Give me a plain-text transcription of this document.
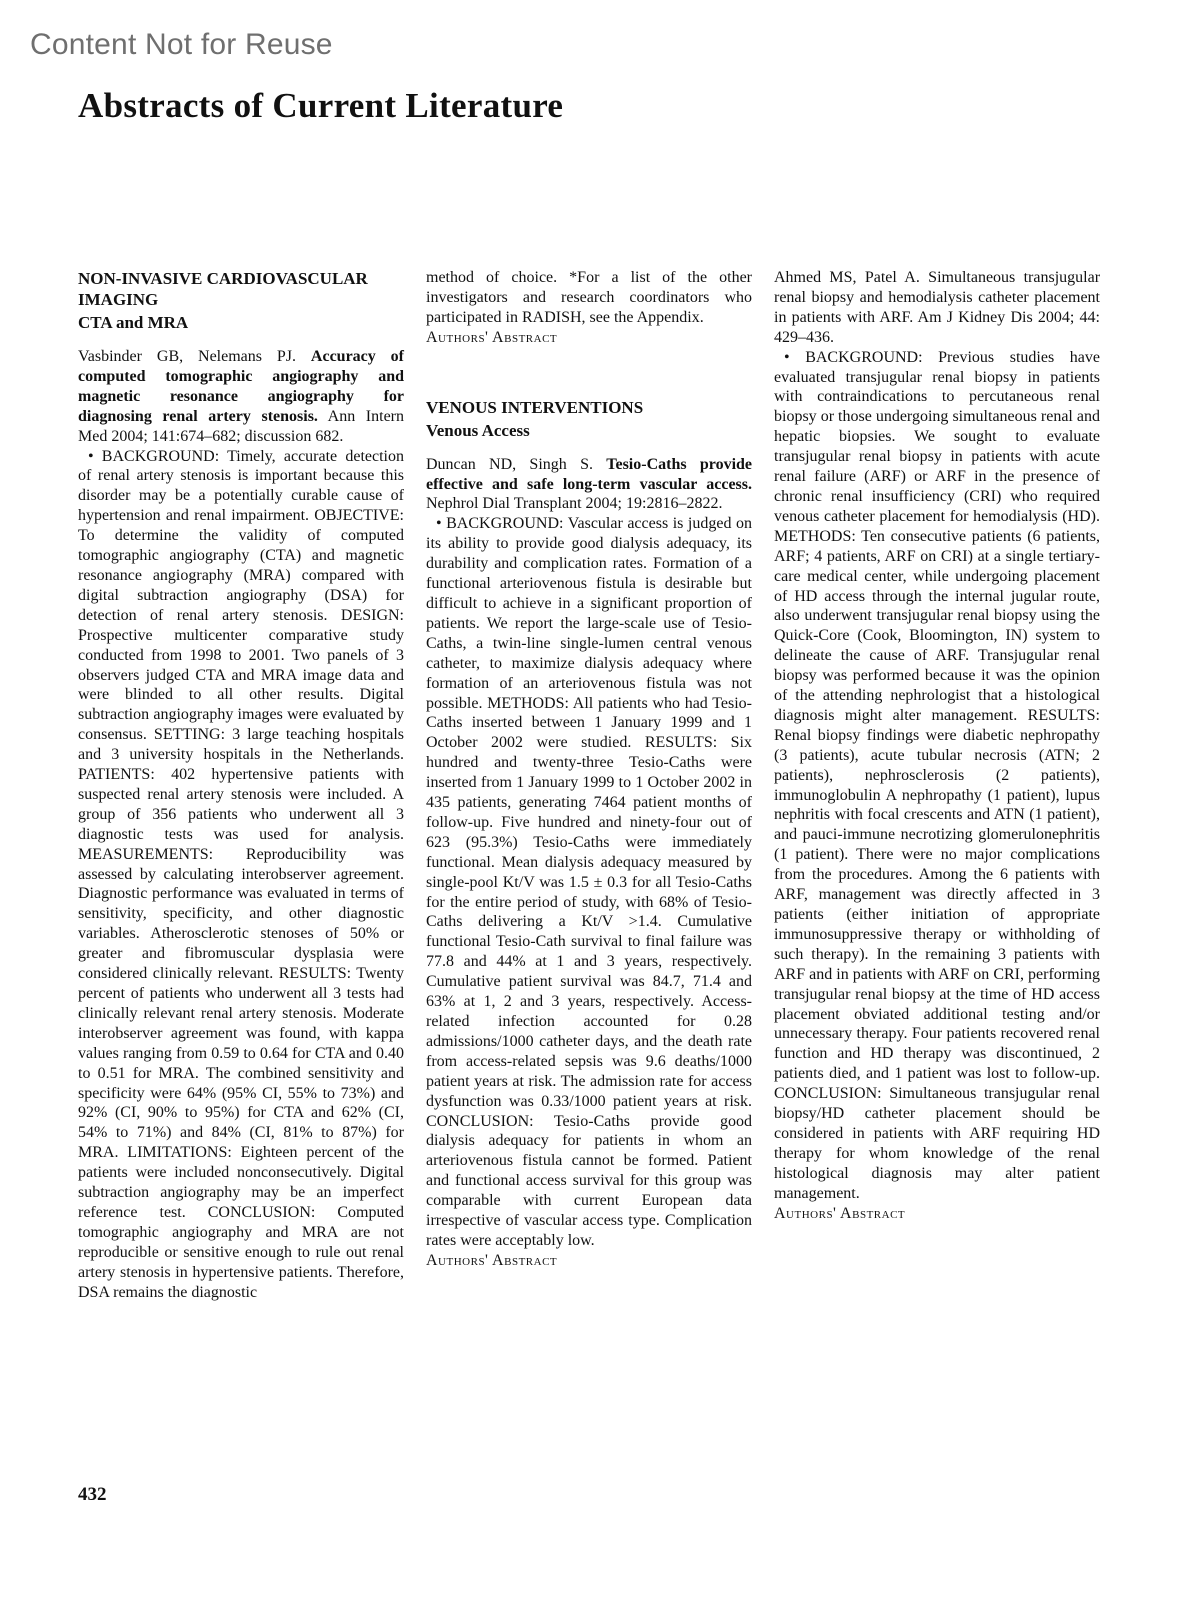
Content Not for Reuse
Abstracts of Current Literature

NON-INVASIVE CARDIOVASCULAR IMAGING

CTA and MRA

Vasbinder GB, Nelemans PJ. Accuracy of computed tomographic angiography and magnetic resonance angiography for diagnosing renal artery stenosis. Ann Intern Med 2004; 141:674–682; discussion 682.

• BACKGROUND: Timely, accurate detection of renal artery stenosis is important because this disorder may be a potentially curable cause of hypertension and renal impairment. OBJECTIVE: To determine the validity of computed tomographic angiography (CTA) and magnetic resonance angiography (MRA) compared with digital subtraction angiography (DSA) for detection of renal artery stenosis. DESIGN: Prospective multicenter comparative study conducted from 1998 to 2001. Two panels of 3 observers judged CTA and MRA image data and were blinded to all other results. Digital subtraction angiography images were evaluated by consensus. SETTING: 3 large teaching hospitals and 3 university hospitals in the Netherlands. PATIENTS: 402 hypertensive patients with suspected renal artery stenosis were included. A group of 356 patients who underwent all 3 diagnostic tests was used for analysis. MEASUREMENTS: Reproducibility was assessed by calculating interobserver agreement. Diagnostic performance was evaluated in terms of sensitivity, specificity, and other diagnostic variables. Atherosclerotic stenoses of 50% or greater and fibromuscular dysplasia were considered clinically relevant. RESULTS: Twenty percent of patients who underwent all 3 tests had clinically relevant renal artery stenosis. Moderate interobserver agreement was found, with kappa values ranging from 0.59 to 0.64 for CTA and 0.40 to 0.51 for MRA. The combined sensitivity and specificity were 64% (95% CI, 55% to 73%) and 92% (CI, 90% to 95%) for CTA and 62% (CI, 54% to 71%) and 84% (CI, 81% to 87%) for MRA. LIMITATIONS: Eighteen percent of the patients were included nonconsecutively. Digital subtraction angiography may be an imperfect reference test. CONCLUSION: Computed tomographic angiography and MRA are not reproducible or sensitive enough to rule out renal artery stenosis in hypertensive patients. Therefore, DSA remains the diagnostic

method of choice. *For a list of the other investigators and research coordinators who participated in RADISH, see the Appendix.

Authors' Abstract

VENOUS INTERVENTIONS

Venous Access

Duncan ND, Singh S. Tesio-Caths provide effective and safe long-term vascular access. Nephrol Dial Transplant 2004; 19:2816–2822.

• BACKGROUND: Vascular access is judged on its ability to provide good dialysis adequacy, its durability and complication rates. Formation of a functional arteriovenous fistula is desirable but difficult to achieve in a significant proportion of patients. We report the large-scale use of Tesio-Caths, a twin-line single-lumen central venous catheter, to maximize dialysis adequacy where formation of an arteriovenous fistula was not possible. METHODS: All patients who had Tesio-Caths inserted between 1 January 1999 and 1 October 2002 were studied. RESULTS: Six hundred and twenty-three Tesio-Caths were inserted from 1 January 1999 to 1 October 2002 in 435 patients, generating 7464 patient months of follow-up. Five hundred and ninety-four out of 623 (95.3%) Tesio-Caths were immediately functional. Mean dialysis adequacy measured by single-pool Kt/V was 1.5 ± 0.3 for all Tesio-Caths for the entire period of study, with 68% of Tesio-Caths delivering a Kt/V >1.4. Cumulative functional Tesio-Cath survival to final failure was 77.8 and 44% at 1 and 3 years, respectively. Cumulative patient survival was 84.7, 71.4 and 63% at 1, 2 and 3 years, respectively. Access-related infection accounted for 0.28 admissions/1000 catheter days, and the death rate from access-related sepsis was 9.6 deaths/1000 patient years at risk. The admission rate for access dysfunction was 0.33/1000 patient years at risk. CONCLUSION: Tesio-Caths provide good dialysis adequacy for patients in whom an arteriovenous fistula cannot be formed. Patient and functional access survival for this group was comparable with current European data irrespective of vascular access type. Complication rates were acceptably low.

Authors' Abstract

Ahmed MS, Patel A. Simultaneous transjugular renal biopsy and hemodialysis catheter placement in patients with ARF. Am J Kidney Dis 2004; 44: 429–436.

• BACKGROUND: Previous studies have evaluated transjugular renal biopsy in patients with contraindications to percutaneous renal biopsy or those undergoing simultaneous renal and hepatic biopsies. We sought to evaluate transjugular renal biopsy in patients with acute renal failure (ARF) or ARF in the presence of chronic renal insufficiency (CRI) who required venous catheter placement for hemodialysis (HD). METHODS: Ten consecutive patients (6 patients, ARF; 4 patients, ARF on CRI) at a single tertiary-care medical center, while undergoing placement of HD access through the internal jugular route, also underwent transjugular renal biopsy using the Quick-Core (Cook, Bloomington, IN) system to delineate the cause of ARF. Transjugular renal biopsy was performed because it was the opinion of the attending nephrologist that a histological diagnosis might alter management. RESULTS: Renal biopsy findings were diabetic nephropathy (3 patients), acute tubular necrosis (ATN; 2 patients), nephrosclerosis (2 patients), immunoglobulin A nephropathy (1 patient), lupus nephritis with focal crescents and ATN (1 patient), and pauci-immune necrotizing glomerulonephritis (1 patient). There were no major complications from the procedures. Among the 6 patients with ARF, management was directly affected in 3 patients (either initiation of appropriate immunosuppressive therapy or withholding of such therapy). In the remaining 3 patients with ARF and in patients with ARF on CRI, performing transjugular renal biopsy at the time of HD access placement obviated additional testing and/or unnecessary therapy. Four patients recovered renal function and HD therapy was discontinued, 2 patients died, and 1 patient was lost to follow-up. CONCLUSION: Simultaneous transjugular renal biopsy/HD catheter placement should be considered in patients with ARF requiring HD therapy for whom knowledge of the renal histological diagnosis may alter patient management.

Authors' Abstract

432
